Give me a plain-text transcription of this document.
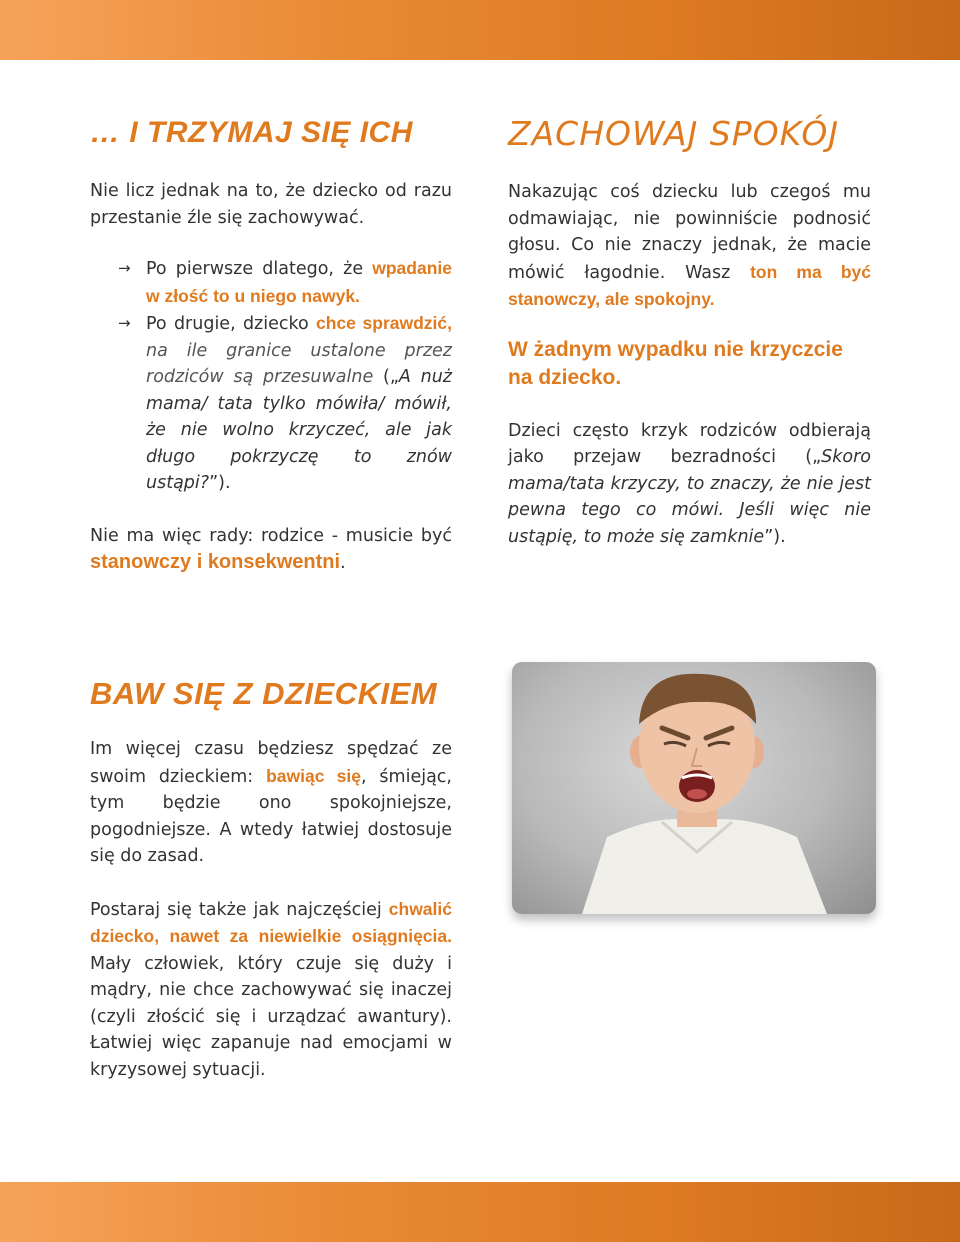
… I TRZYMAJ SIĘ ICH

Nie licz jednak na to, że dziecko od razu przestanie źle się zachowywać.

→ Po pierwsze dlatego, że wpadanie w złość to u niego nawyk.
→ Po drugie, dziecko chce sprawdzić, na ile granice ustalone przez rodziców są przesuwalne („A nuż mama/ tata tylko mówiła/ mówił, że nie wolno krzyczeć, ale jak długo pokrzyczę to znów ustąpi?”).

Nie ma więc rady: rodzice - musicie być stanowczy i konsekwentni.

ZACHOWAJ SPOKÓJ

Nakazując coś dziecku lub czegoś mu odmawiając, nie powinniście podnosić głosu. Co nie znaczy jednak, że macie mówić łagodnie. Wasz ton ma być stanowczy, ale spokojny.

W żadnym wypadku nie krzyczcie na dziecko.

Dzieci często krzyk rodziców odbierają jako przejaw bezradności („Skoro mama/tata krzyczy, to znaczy, że nie jest pewna tego co mówi. Jeśli więc nie ustąpię, to może się zamknie”).

BAW SIĘ Z DZIECKIEM

Im więcej czasu będziesz spędzać ze swoim dzieckiem: bawiąc się, śmiejąc, tym będzie ono spokojniejsze, pogodniejsze. A wtedy łatwiej dostosuje się do zasad.

Postaraj się także jak najczęściej chwalić dziecko, nawet za niewielkie osiągnięcia. Mały człowiek, który czuje się duży i mądry, nie chce zachowywać się inaczej (czyli złościć się i urządzać awantury). Łatwiej więc zapanuje nad emocjami w kryzysowej sytuacji.
